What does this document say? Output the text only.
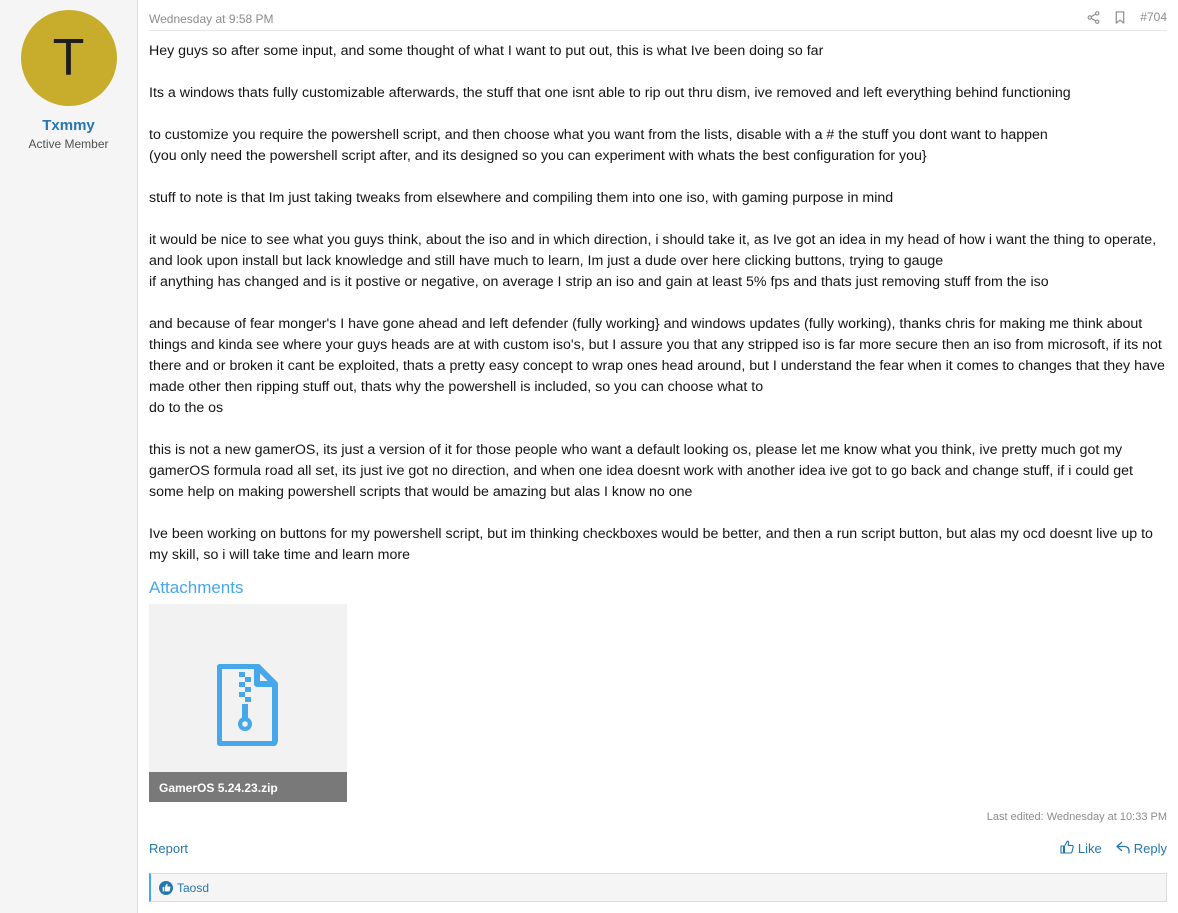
T
Txmmy
Active Member
Wednesday at 9:58 PM	#704

Hey guys so after some input, and some thought of what I want to put out, this is what Ive been doing so far

Its a windows thats fully customizable afterwards, the stuff that one isnt able to rip out thru dism, ive removed and left everything behind functioning

to customize you require the powershell script, and then choose what you want from the lists, disable with a # the stuff you dont want to happen
(you only need the powershell script after, and its designed so you can experiment with whats the best configuration for you}

stuff to note is that Im just taking tweaks from elsewhere and compiling them into one iso, with gaming purpose in mind

it would be nice to see what you guys think, about the iso and in which direction, i should take it, as Ive got an idea in my head of how i want the thing to operate, and look upon install but lack knowledge and still have much to learn, Im just a dude over here clicking buttons, trying to gauge
if anything has changed and is it postive or negative, on average I strip an iso and gain at least 5% fps and thats just removing stuff from the iso

and because of fear monger's I have gone ahead and left defender (fully working} and windows updates (fully working), thanks chris for making me think about things and kinda see where your guys heads are at with custom iso's, but I assure you that any stripped iso is far more secure then an iso from microsoft, if its not there and or broken it cant be exploited, thats a pretty easy concept to wrap ones head around, but I understand the fear when it comes to changes that they have made other then ripping stuff out, thats why the powershell is included, so you can choose what to
do to the os

this is not a new gamerOS, its just a version of it for those people who want a default looking os, please let me know what you think, ive pretty much got my gamerOS formula road all set, its just ive got no direction, and when one idea doesnt work with another idea ive got to go back and change stuff, if i could get some help on making powershell scripts that would be amazing but alas I know no one

Ive been working on buttons for my powershell script, but im thinking checkboxes would be better, and then a run script button, but alas my ocd doesnt live up to my skill, so i will take time and learn more

Attachments
GamerOS 5.24.23.zip
Last edited: Wednesday at 10:33 PM
Report	Like Reply
Taosd
